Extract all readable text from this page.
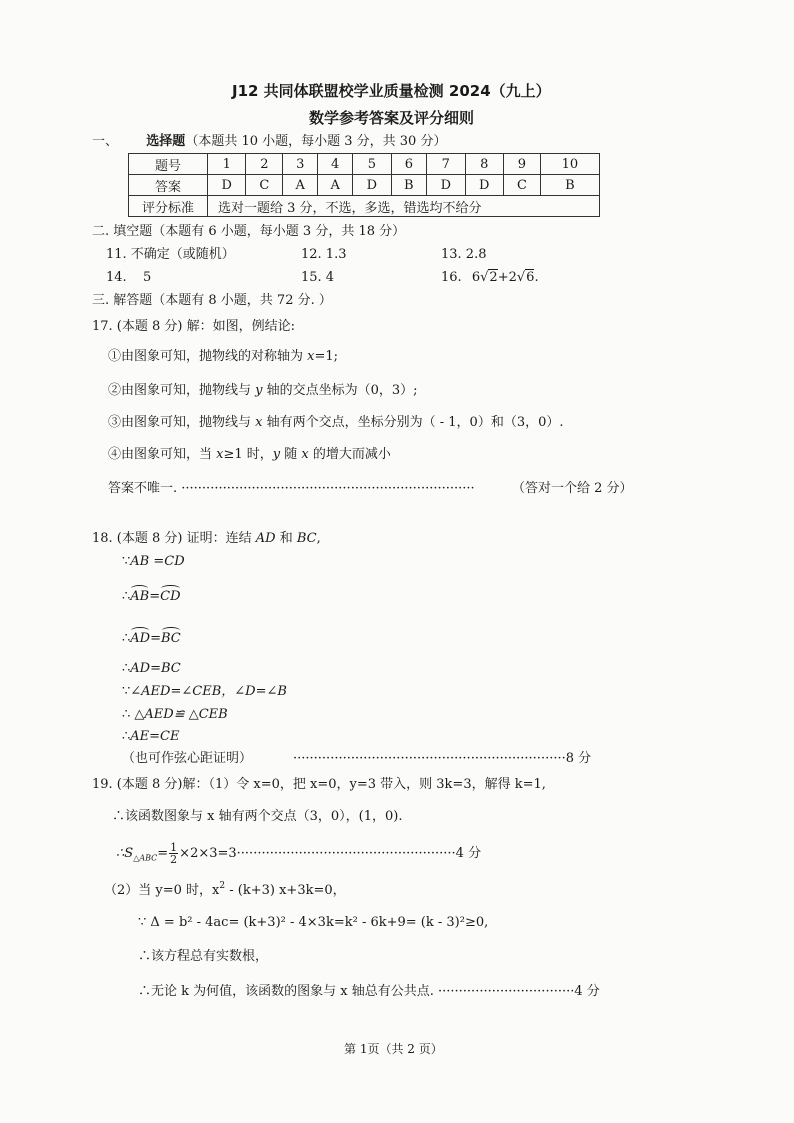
J12 共同体联盟校学业质量检测 2024（九上）
数学参考答案及评分细则
一、 选择题（本题共 10 小题，每小题 3 分，共 30 分）
题号	1	2	3	4	5	6	7	8	9	10
答案	D	C	A	A	D	B	D	D	C	B
评分标准	选对一题给 3 分，不选，多选，错选均不给分									
二. 填空题（本题有 6 小题，每小题 3 分，共 18 分）
11. 不确定（或随机）	12. 1.3	13. 2.8
14. 5	15. 4	16. 6√2+2√6.
三. 解答题（本题有 8 小题，共 72 分. ）
17. (本题 8 分) 解：如图，例结论:
①由图象可知，抛物线的对称轴为 x=1;
②由图象可知，抛物线与 y 轴的交点坐标为（0，3）;
③由图象可知，抛物线与 x 轴有两个交点，坐标分别为（ - 1，0）和（3，0）.
④由图象可知，当 x≥1 时，y 随 x 的增大而减小
答案不唯一. ·······································································	（答对一个给 2 分）
18. (本题 8 分) 证明：连结 AD 和 BC,
∵AB =CD
∴AB=CD
∴AD=BC
∴AD=BC
∵∠AED=∠CEB，∠D=∠B
∴ △AED≌ △CEB
∴AE=CE
（也可作弦心距证明）	··································································8 分
19. (本题 8 分)解：（1）令 x=0，把 x=0，y=3 带入，则 3k=3，解得 k=1,
∴该函数图象与 x 轴有两个交点（3，0），(1，0).
$\therefore S_{\triangle ABC}= \frac{1}{2} \times 2\times 3=3\cdot\cdot\cdot\cdot\cdot\cdot\cdot\cdot\cdot\cdot\cdot\cdot\cdot\cdot\cdot\cdot\cdot\cdot\cdot\cdot\cdot\cdot\cdot\cdot\cdot\cdot\cdot\cdot\cdot\cdot\cdot\cdot\cdot\cdot\cdot\cdot\cdot\cdot\cdot\cdot\cdot\cdot\cdot\cdot\cdot\cdot\cdot\cdot\cdot\cdot\cdot\cdot\cdot 4$ 分
（2）当 y=0 时，$x^2 - (k+3)$ x+3k=0，
∵ Δ = b² - 4ac= (k+3)² - 4×3k=k² - 6k+9= (k - 3)²≥0,
∴该方程总有实数根，
∴无论 k 为何值，该函数的图象与 x 轴总有公共点. ·································4 分
第 1页（共 2 页）
